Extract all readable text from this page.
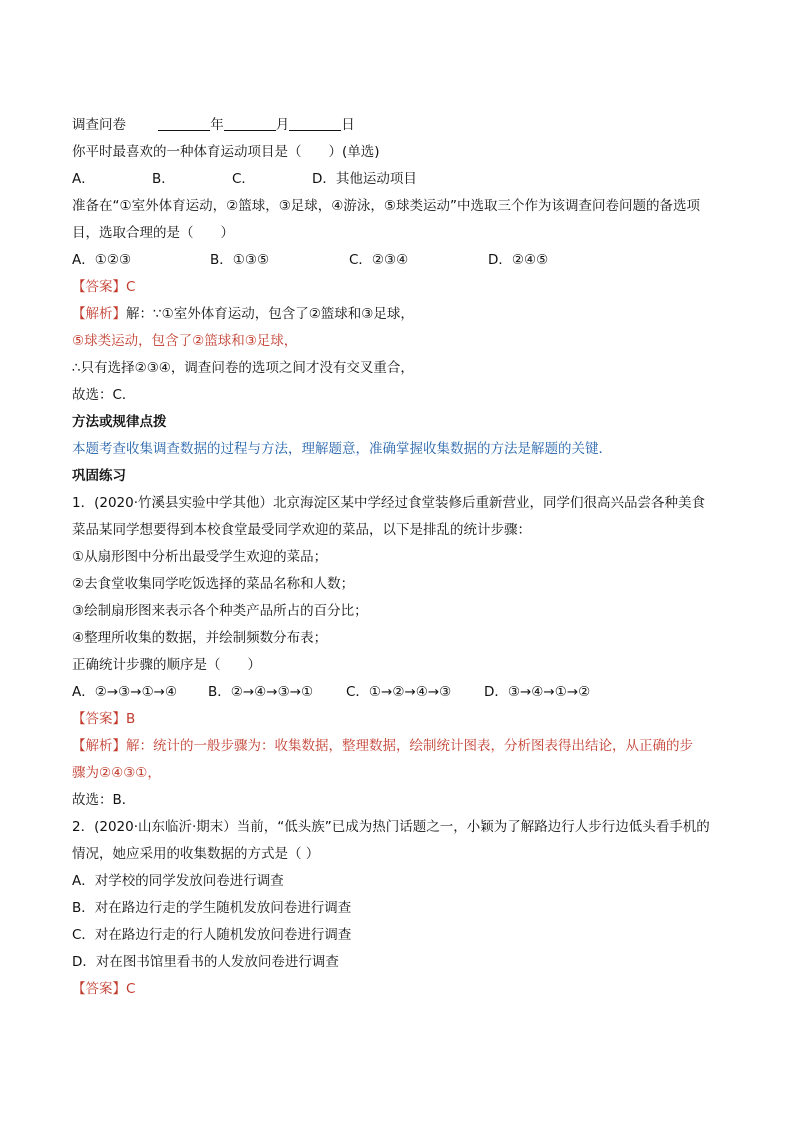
调查问卷	年	月	日
你平时最喜欢的一种体育运动项目是（　　）(单选)
A．	B．	C．	D．其他运动项目
准备在“①室外体育运动，②篮球，③足球，④游泳，⑤球类运动”中选取三个作为该调查问卷问题的备选项
目，选取合理的是（　　）
A．①②③	B．①③⑤	C．②③④	D．②④⑤
【答案】C
【解析】解：∵①室外体育运动，包含了②篮球和③足球，
⑤球类运动，包含了②篮球和③足球，
∴只有选择②③④，调查问卷的选项之间才没有交叉重合，
故选：C．
方法或规律点拨
本题考查收集调查数据的过程与方法，理解题意，准确掌握收集数据的方法是解题的关键．
巩固练习
1．(2020·竹溪县实验中学其他）北京海淀区某中学经过食堂装修后重新营业，同学们很高兴品尝各种美食
菜品某同学想要得到本校食堂最受同学欢迎的菜品，以下是排乱的统计步骤：
①从扇形图中分析出最受学生欢迎的菜品；
②去食堂收集同学吃饭选择的菜品名称和人数；
③绘制扇形图来表示各个种类产品所占的百分比；
④整理所收集的数据，并绘制频数分布表；
正确统计步骤的顺序是（　　）
A．②→③→①→④ B．②→④→③→① C．①→②→④→③ D．③→④→①→②
【答案】B
【解析】解：统计的一般步骤为：收集数据，整理数据，绘制统计图表，分析图表得出结论，从正确的步
骤为②④③①，
故选：B．
2．(2020·山东临沂·期末）当前，“低头族”已成为热门话题之一，小颖为了解路边行人步行边低头看手机的
情况，她应采用的收集数据的方式是（ ）
A．对学校的同学发放问卷进行调查
B．对在路边行走的学生随机发放问卷进行调查
C．对在路边行走的行人随机发放问卷进行调查
D．对在图书馆里看书的人发放问卷进行调查
【答案】C
